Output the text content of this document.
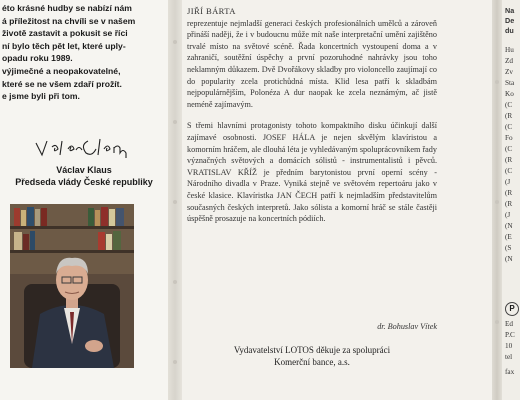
éto krásné hudby se nabízí nám

á příležitost na chvíli se v našem

životě zastavit a pokusit se říci

ní bylo těch pět let, které uply-

opadu roku 1989.

výjimečné a neopakovatelné,

které se ne všem zdaří prožít.

e jsme byli při tom.

Václav Klaus
Předseda vlády České republiky

JIŘÍ BÁRTA
reprezentuje nejmladší generaci českých profesionálních umělců a zároveň přináší naději, že i v budoucnu může mít naše interpretační umění zajištěno trvalé místo na světové scéně. Řada koncertních vystoupení doma a v zahraničí, soutěžní úspěchy a první pozoruhodné nahrávky jsou toho neklamným důkazem. Dvě Dvořákovy skladby pro violoncello zaujímají co do popularity zcela protichůdná místa. Klid lesa patří k skladbám nejpopulárnějším, Polonéza A dur naopak ke zcela neznámým, ač jistě neméně zajímavým.

S třemi hlavními protagonisty tohoto kompaktního disku účinkují další zajímavé osobnosti. JOSEF HÁLA je nejen skvělým klavíristou a komorním hráčem, ale dlouhá léta je vyhledávaným spoluprácovníkem řady význačných světových a domácích sólistů - instrumentalistů i pěvců. VRATISLAV KŘÍŽ je předním barytonistou první operní scény - Národního divadla v Praze. Vyniká stejně ve světovém repertoáru jako v české klasice. Klavíristka JAN ČECH patří k nejmladším představitelům současných českých interpretů. Jako sólista a komorní hráč se stále častěji úspěšně prosazuje na koncertních pódiích.

dr. Bohuslav Vítek
Vydavatelství LOTOS děkuje za spolupráci
Komerční bance, a.s.
Na
De
du
Hu
Zd
Zv
Sta
Ko
(C
(R
(C
Fo
(C
(R
(C
(J
(R
(R
(J
(N
(E
(S
(N
P
Ed
P.C
10
tel
fax
